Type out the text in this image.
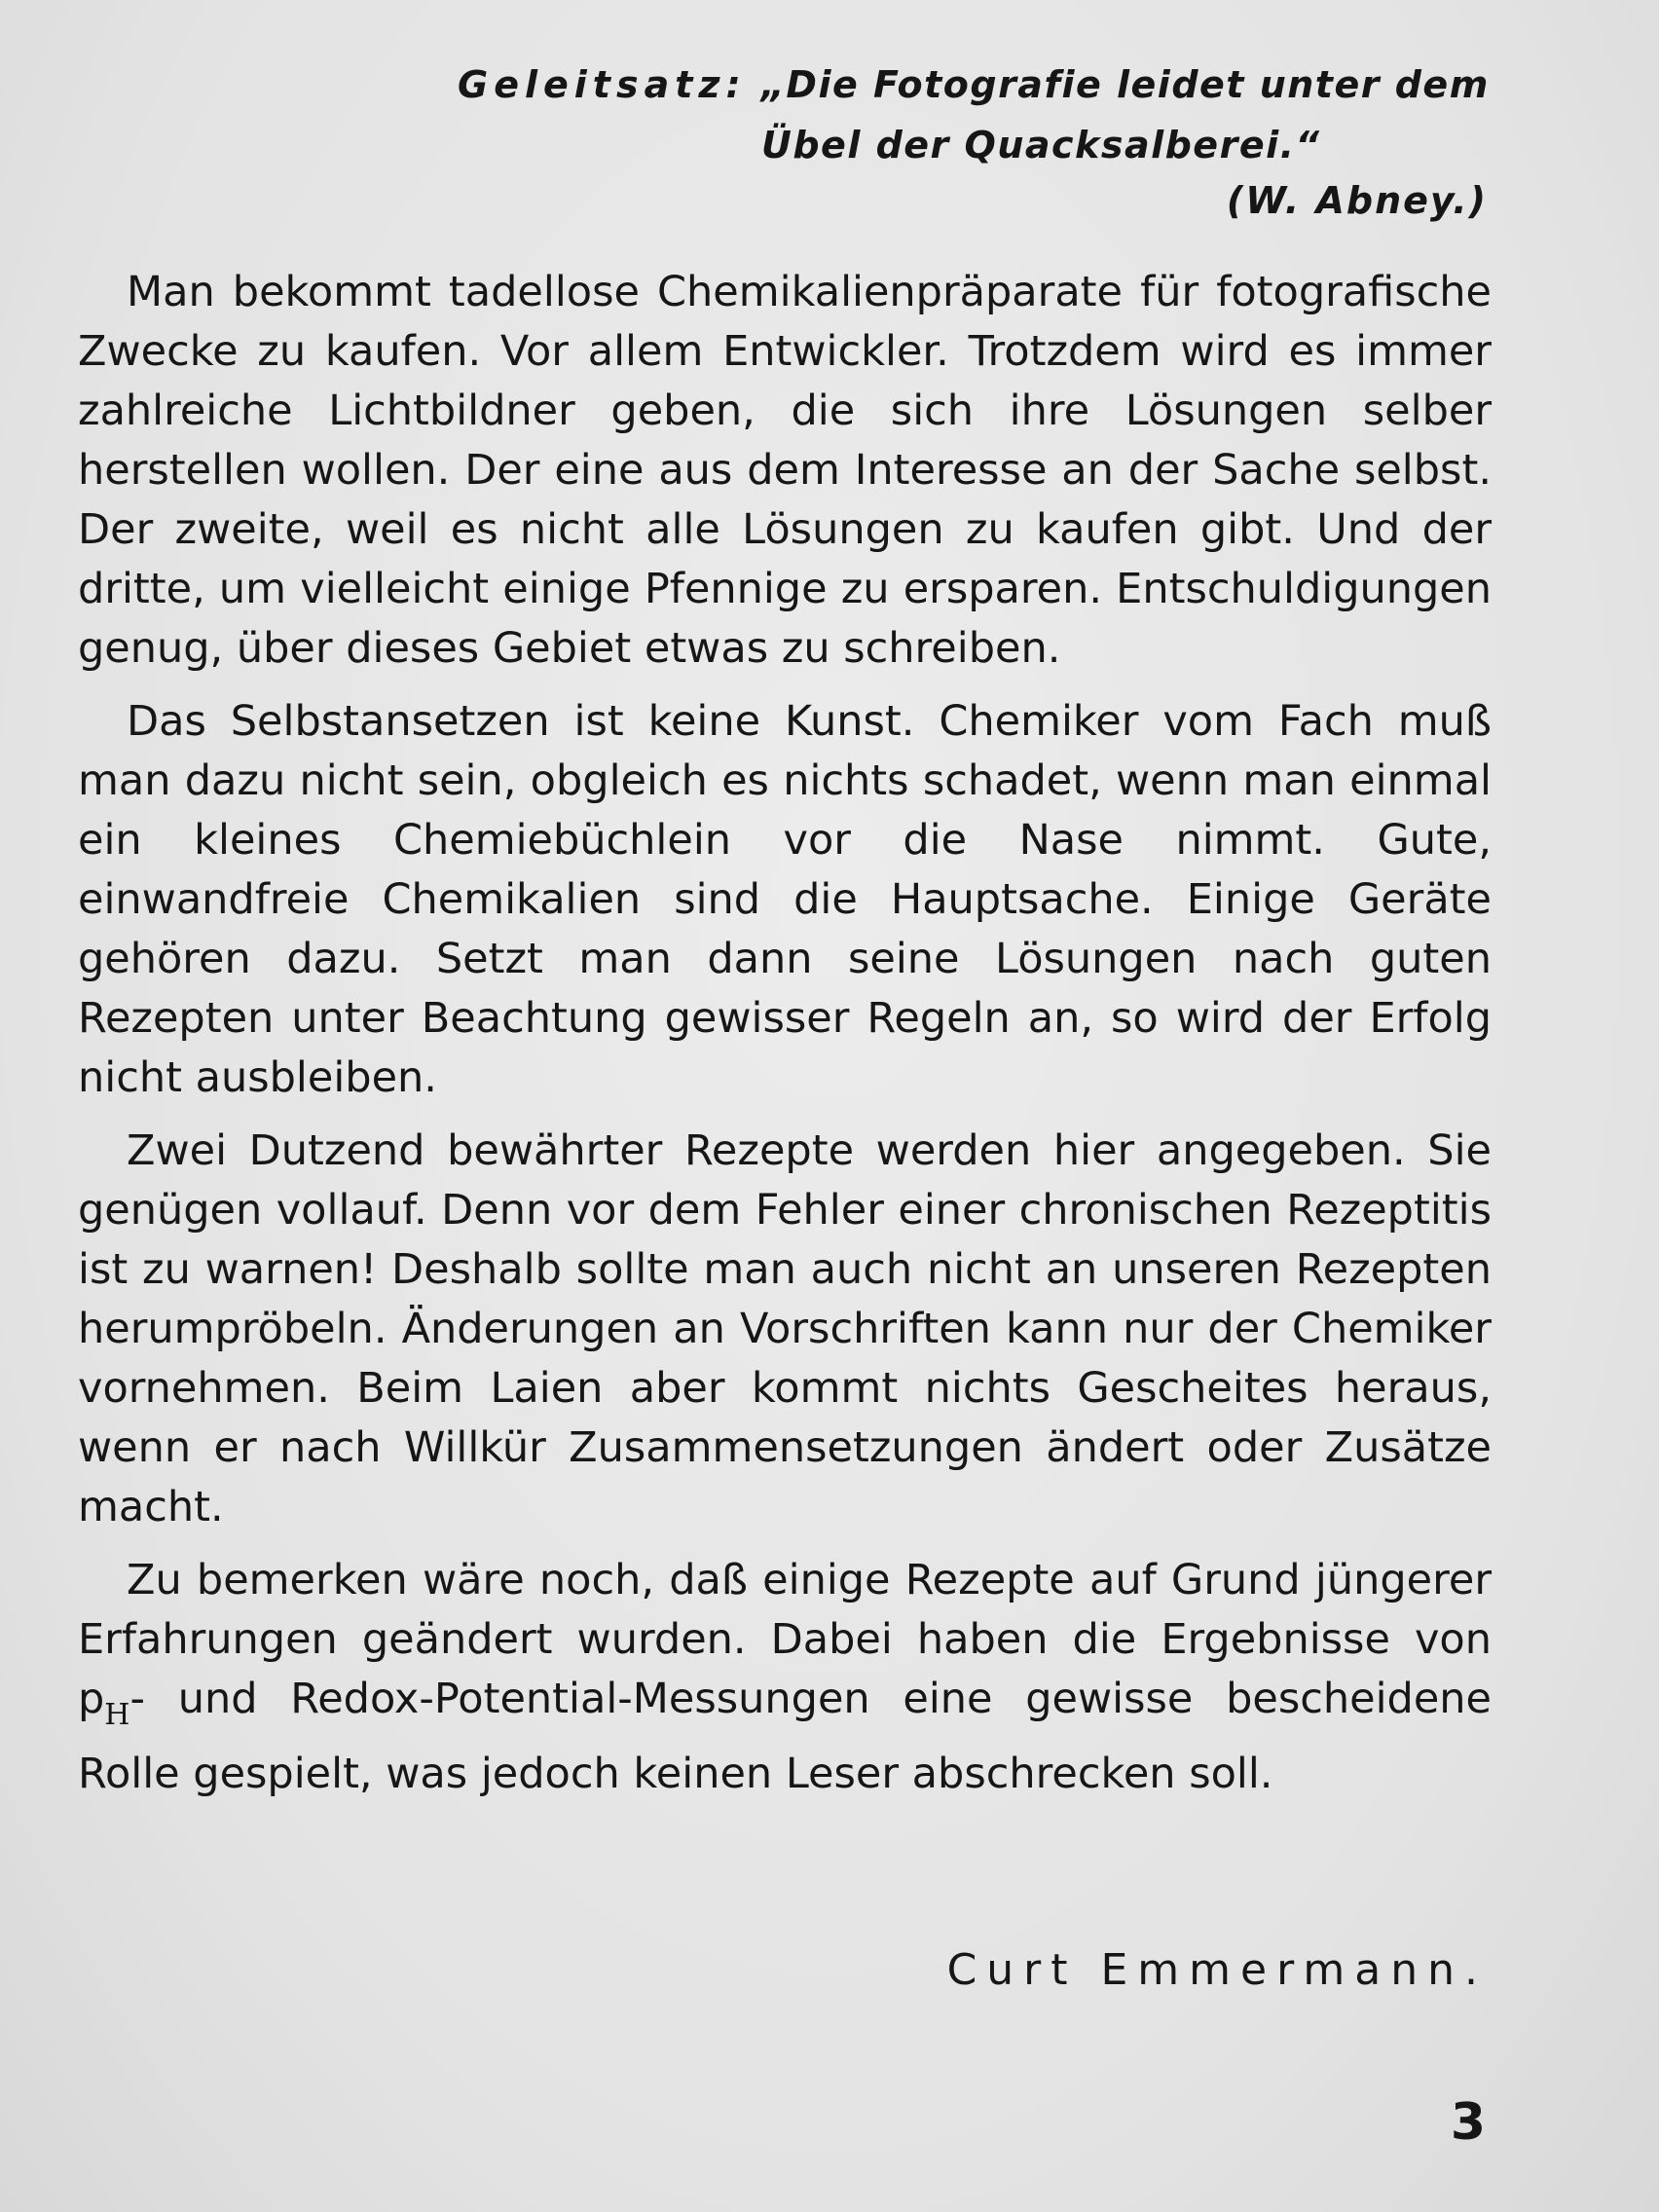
Geleitsatz: „Die Fotografie leidet unter dem
Übel der Quacksalberei.“
(W. Abney.)

Man bekommt tadellose Chemikalienpräparate für fotografische Zwecke zu kaufen. Vor allem Entwickler. Trotzdem wird es immer zahlreiche Lichtbildner geben, die sich ihre Lösungen selber herstellen wollen. Der eine aus dem Interesse an der Sache selbst. Der zweite, weil es nicht alle Lösungen zu kaufen gibt. Und der dritte, um vielleicht einige Pfennige zu ersparen. Entschuldigungen genug, über dieses Gebiet etwas zu schreiben.

Das Selbstansetzen ist keine Kunst. Chemiker vom Fach muß man dazu nicht sein, obgleich es nichts schadet, wenn man einmal ein kleines Chemiebüchlein vor die Nase nimmt. Gute, einwandfreie Chemikalien sind die Hauptsache. Einige Geräte gehören dazu. Setzt man dann seine Lösungen nach guten Rezepten unter Beachtung gewisser Regeln an, so wird der Erfolg nicht ausbleiben.

Zwei Dutzend bewährter Rezepte werden hier angegeben. Sie genügen vollauf. Denn vor dem Fehler einer chronischen Rezeptitis ist zu warnen! Deshalb sollte man auch nicht an unseren Rezepten herumpröbeln. Änderungen an Vorschriften kann nur der Chemiker vornehmen. Beim Laien aber kommt nichts Gescheites heraus, wenn er nach Willkür Zusammensetzungen ändert oder Zusätze macht.

Zu bemerken wäre noch, daß einige Rezepte auf Grund jüngerer Erfahrungen geändert wurden. Dabei haben die Ergebnisse von $p_H-$ und Redox-Potential-Messungen eine gewisse bescheidene Rolle gespielt, was jedoch keinen Leser abschrecken soll.

Curt Emmermann.
3
